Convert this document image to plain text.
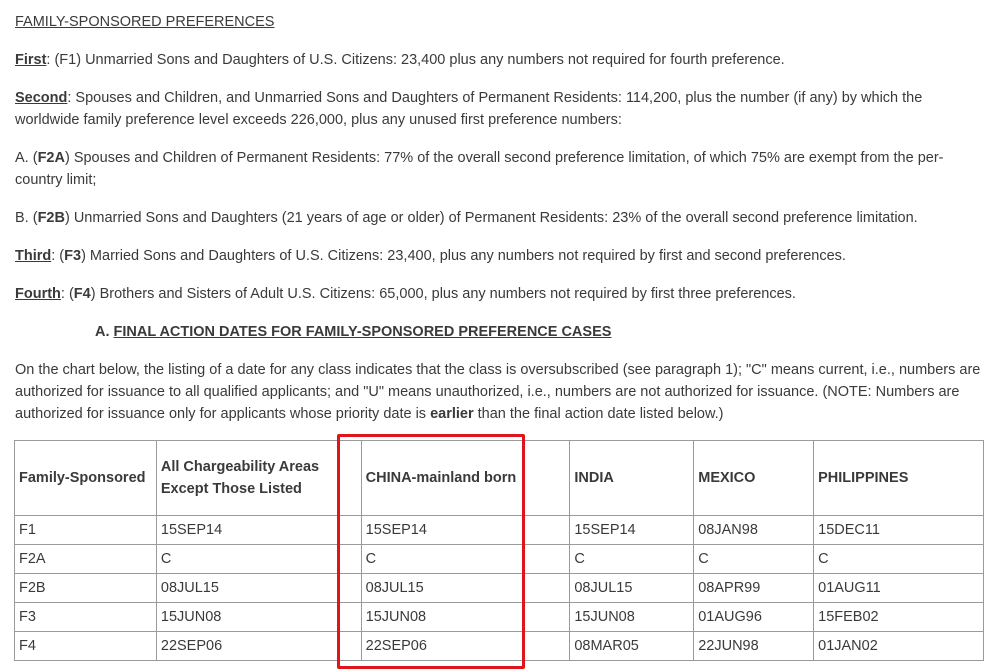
FAMILY-SPONSORED PREFERENCES

First: (F1) Unmarried Sons and Daughters of U.S. Citizens: 23,400 plus any numbers not required for fourth preference.

Second: Spouses and Children, and Unmarried Sons and Daughters of Permanent Residents: 114,200, plus the number (if any) by which the worldwide family preference level exceeds 226,000, plus any unused first preference numbers:

A. (F2A) Spouses and Children of Permanent Residents: 77% of the overall second preference limitation, of which 75% are exempt from the per-country limit;

B. (F2B) Unmarried Sons and Daughters (21 years of age or older) of Permanent Residents: 23% of the overall second preference limitation.

Third: (F3) Married Sons and Daughters of U.S. Citizens: 23,400, plus any numbers not required by first and second preferences.

Fourth: (F4) Brothers and Sisters of Adult U.S. Citizens: 65,000, plus any numbers not required by first three preferences.

A. FINAL ACTION DATES FOR FAMILY-SPONSORED PREFERENCE CASES

On the chart below, the listing of a date for any class indicates that the class is oversubscribed (see paragraph 1); "C" means current, i.e., numbers are authorized for issuance to all qualified applicants; and "U" means unauthorized, i.e., numbers are not authorized for issuance. (NOTE: Numbers are authorized for issuance only for applicants whose priority date is earlier than the final action date listed below.)

Family-Sponsored	All Chargeability Areas Except Those Listed	CHINA-mainland born	INDIA	MEXICO	PHILIPPINES
F1	15SEP14	15SEP14	15SEP14	08JAN98	15DEC11
F2A	C	C	C	C	C
F2B	08JUL15	08JUL15	08JUL15	08APR99	01AUG11
F3	15JUN08	15JUN08	15JUN08	01AUG96	15FEB02
F4	22SEP06	22SEP06	08MAR05	22JUN98	01JAN02
